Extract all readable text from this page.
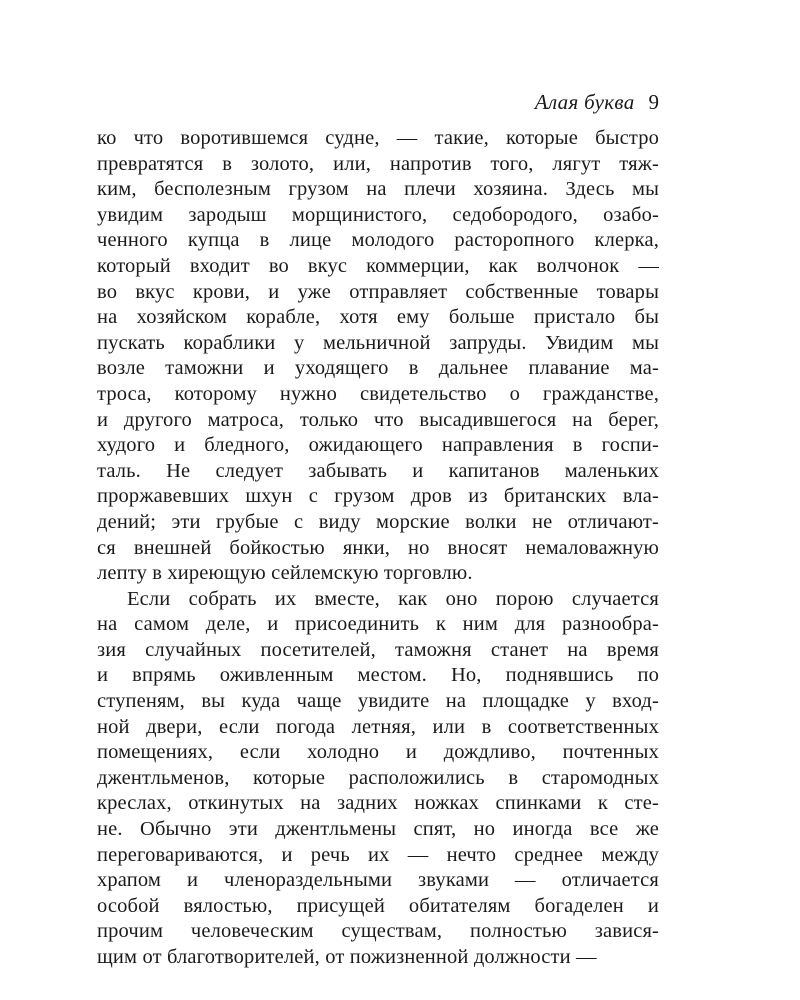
Алая буква 9
ко что воротившемся судне, — такие, которые быстро
превратятся в золото, или, напротив того, лягут тяж-
ким, бесполезным грузом на плечи хозяина. Здесь мы
увидим зародыш морщинистого, седобородого, озабо-
ченного купца в лице молодого расторопного клерка,
который входит во вкус коммерции, как волчонок —
во вкус крови, и уже отправляет собственные товары
на хозяйском корабле, хотя ему больше пристало бы
пускать кораблики у мельничной запруды. Увидим мы
возле таможни и уходящего в дальнее плавание ма-
троса, которому нужно свидетельство о гражданстве,
и другого матроса, только что высадившегося на берег,
худого и бледного, ожидающего направления в госпи-
таль. Не следует забывать и капитанов маленьких
проржавевших шхун с грузом дров из британских вла-
дений; эти грубые с виду морские волки не отличают-
ся внешней бойкостью янки, но вносят немаловажную
лепту в хиреющую сейлемскую торговлю.
Если собрать их вместе, как оно порою случается
на самом деле, и присоединить к ним для разнообра-
зия случайных посетителей, таможня станет на время
и впрямь оживленным местом. Но, поднявшись по
ступеням, вы куда чаще увидите на площадке у вход-
ной двери, если погода летняя, или в соответственных
помещениях, если холодно и дождливо, почтенных
джентльменов, которые расположились в старомодных
креслах, откинутых на задних ножках спинками к сте-
не. Обычно эти джентльмены спят, но иногда все же
переговариваются, и речь их — нечто среднее между
храпом и членораздельными звуками — отличается
особой вялостью, присущей обитателям богаделен и
прочим человеческим существам, полностью завися-
щим от благотворителей, от пожизненной должности —
